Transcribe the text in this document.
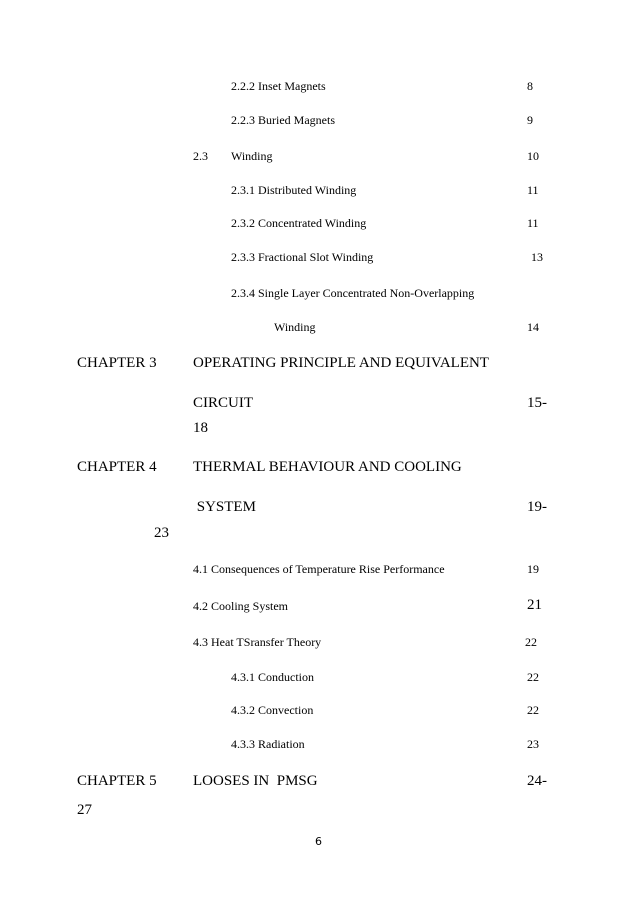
2.2.2 Inset Magnets	8
2.2.3 Buried Magnets	9
2.3 Winding	10
2.3.1 Distributed Winding	11
2.3.2 Concentrated Winding	11
2.3.3 Fractional Slot Winding	13
2.3.4 Single Layer Concentrated Non-Overlapping
Winding	14
CHAPTER 3 OPERATING PRINCIPLE AND EQUIVALENT
CIRCUIT	15-
18
CHAPTER 4 THERMAL BEHAVIOUR AND COOLING
SYSTEM	19-
23
4.1 Consequences of Temperature Rise Performance	19
4.2 Cooling System	21
4.3 Heat TSransfer Theory	22
4.3.1 Conduction	22
4.3.2 Convection	22
4.3.3 Radiation	23
CHAPTER 5 LOOSES IN  PMSG	24-
27
6
